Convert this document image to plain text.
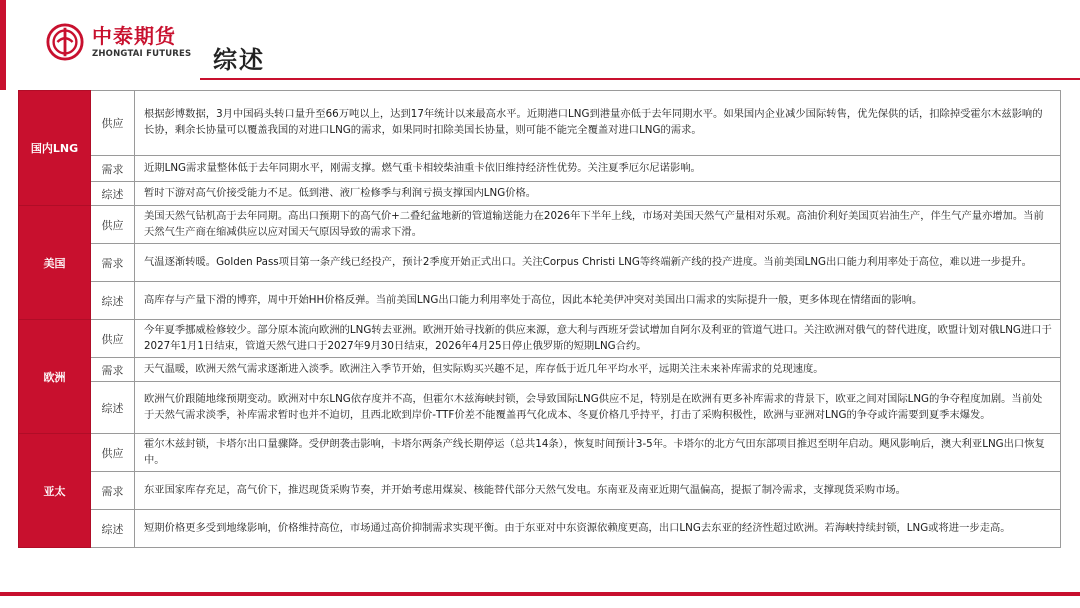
中泰期货
ZHONGTAI FUTURES 综述
国内LNG	供应	根据彭博数据，3月中国码头转口量升至66万吨以上，达到17年统计以来最高水平。近期港口LNG到港量亦低于去年同期水平。如果国内企业减少国际转售，优先保供的话，扣除掉受霍尔木兹影响的长协，剩余长协量可以覆盖我国的对进口LNG的需求，如果同时扣除美国长协量，则可能不能完全覆盖对进口LNG的需求。
	需求	近期LNG需求量整体低于去年同期水平，刚需支撑。燃气重卡相较柴油重卡依旧维持经济性优势。关注夏季厄尔尼诺影响。
	综述	暂时下游对高气价接受能力不足。低到港、液厂检修季与利润亏损支撑国内LNG价格。
美国	供应	美国天然气钻机高于去年同期。高出口预期下的高气价+二叠纪盆地新的管道输送能力在2026年下半年上线，市场对美国天然气产量相对乐观。高油价利好美国页岩油生产，伴生气产量亦增加。当前天然气生产商在缩减供应以应对国天气原因导致的需求下滑。
	需求	气温逐渐转暖。Golden Pass项目第一条产线已经投产，预计2季度开始正式出口。关注Corpus Christi LNG等终端新产线的投产进度。当前美国LNG出口能力利用率处于高位，难以进一步提升。
	综述	高库存与产量下滑的博弈，周中开始HH价格反弹。当前美国LNG出口能力利用率处于高位，因此本轮美伊冲突对美国出口需求的实际提升一般，更多体现在情绪面的影响。
欧洲	供应	今年夏季挪威检修较少。部分原本流向欧洲的LNG转去亚洲。欧洲开始寻找新的供应来源，意大利与西班牙尝试增加自阿尔及利亚的管道气进口。关注欧洲对俄气的替代进度，欧盟计划对俄LNG进口于2027年1月1日结束，管道天然气进口于2027年9月30日结束，2026年4月25日停止俄罗斯的短期LNG合约。
	需求	天气温暖，欧洲天然气需求逐渐进入淡季。欧洲注入季节开始，但实际购买兴趣不足，库存低于近几年平均水平，远期关注未来补库需求的兑现速度。
	综述	欧洲气价跟随地缘预期变动。欧洲对中东LNG依存度并不高，但霍尔木兹海峡封锁，会导致国际LNG供应不足，特别是在欧洲有更多补库需求的背景下，欧亚之间对国际LNG的争夺程度加剧。当前处于天然气需求淡季，补库需求暂时也并不迫切，且西北欧到岸价-TTF价差不能覆盖再气化成本、冬夏价格几乎持平，打击了采购积极性，欧洲与亚洲对LNG的争夺或许需要到夏季末爆发。
亚太	供应	霍尔木兹封锁，卡塔尔出口量骤降。受伊朗袭击影响，卡塔尔两条产线长期停运（总共14条），恢复时间预计3-5年。卡塔尔的北方气田东部项目推迟至明年启动。飓风影响后，澳大利亚LNG出口恢复中。
	需求	东亚国家库存充足，高气价下，推迟现货采购节奏，并开始考虑用煤炭、核能替代部分天然气发电。东南亚及南亚近期气温偏高，提振了制冷需求，支撑现货采购市场。
	综述	短期价格更多受到地缘影响，价格维持高位，市场通过高价抑制需求实现平衡。由于东亚对中东资源依赖度更高，出口LNG去东亚的经济性超过欧洲。若海峡持续封锁，LNG或将进一步走高。
